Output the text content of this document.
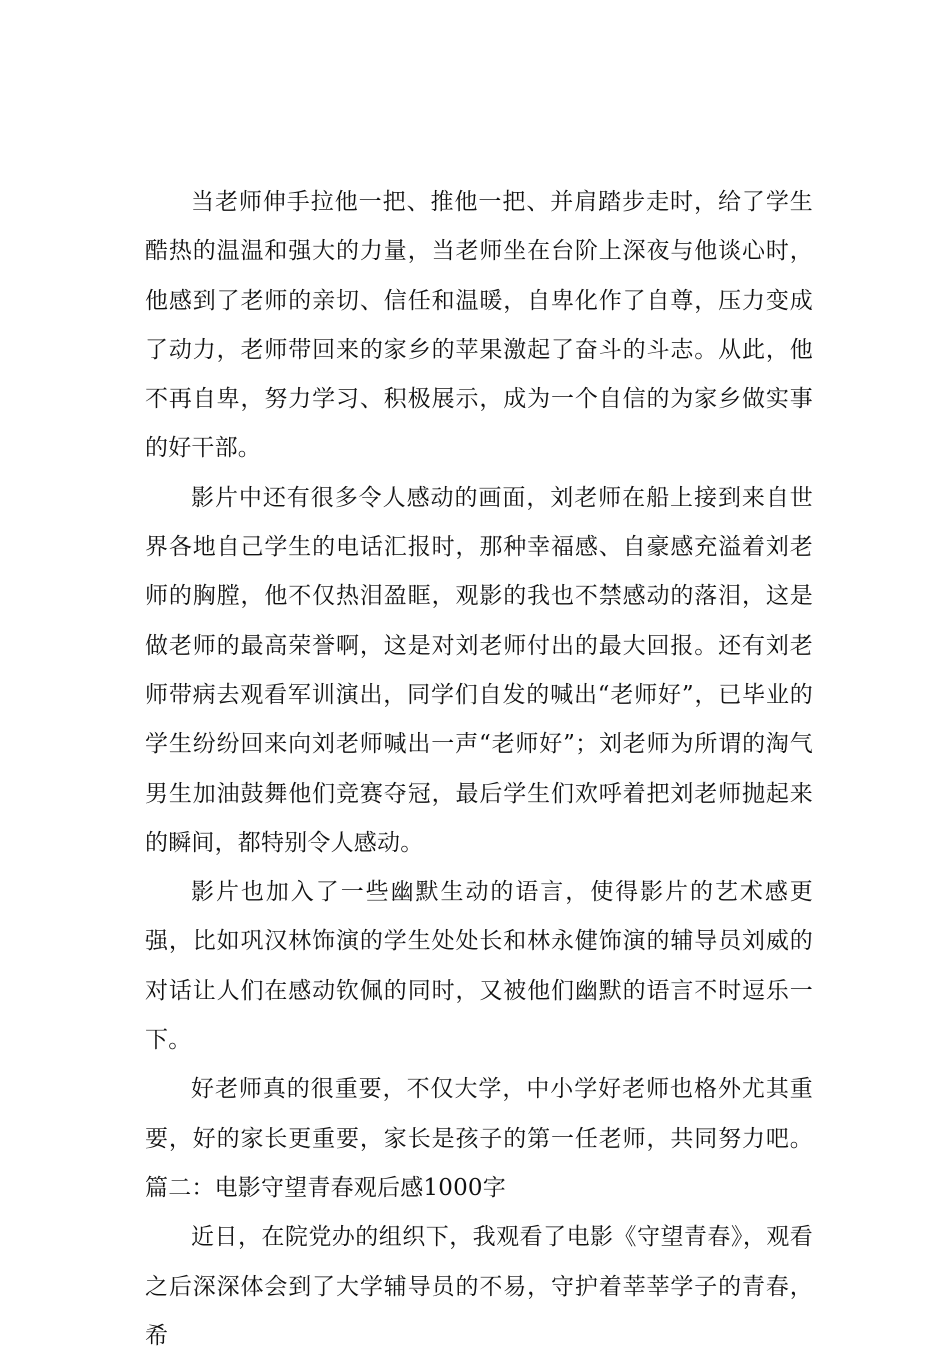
当老师伸手拉他一把、推他一把、并肩踏步走时，给了学生酷热的温温和强大的力量，当老师坐在台阶上深夜与他谈心时，他感到了老师的亲切、信任和温暖，自卑化作了自尊，压力变成了动力，老师带回来的家乡的苹果激起了奋斗的斗志。从此，他不再自卑，努力学习、积极展示，成为一个自信的为家乡做实事的好干部。

影片中还有很多令人感动的画面，刘老师在船上接到来自世界各地自己学生的电话汇报时，那种幸福感、自豪感充溢着刘老师的胸膛，他不仅热泪盈眶，观影的我也不禁感动的落泪，这是做老师的最高荣誉啊，这是对刘老师付出的最大回报。还有刘老师带病去观看军训演出，同学们自发的喊出“老师好”，已毕业的学生纷纷回来向刘老师喊出一声“老师好”；刘老师为所谓的淘气男生加油鼓舞他们竞赛夺冠，最后学生们欢呼着把刘老师抛起来的瞬间，都特别令人感动。

影片也加入了一些幽默生动的语言，使得影片的艺术感更强，比如巩汉林饰演的学生处处长和林永健饰演的辅导员刘威的对话让人们在感动钦佩的同时，又被他们幽默的语言不时逗乐一下。

好老师真的很重要，不仅大学，中小学好老师也格外尤其重要，好的家长更重要，家长是孩子的第一任老师，共同努力吧。篇二：电影守望青春观后感1000字

近日，在院党办的组织下，我观看了电影《守望青春》，观看之后深深体会到了大学辅导员的不易，守护着莘莘学子的青春，希
